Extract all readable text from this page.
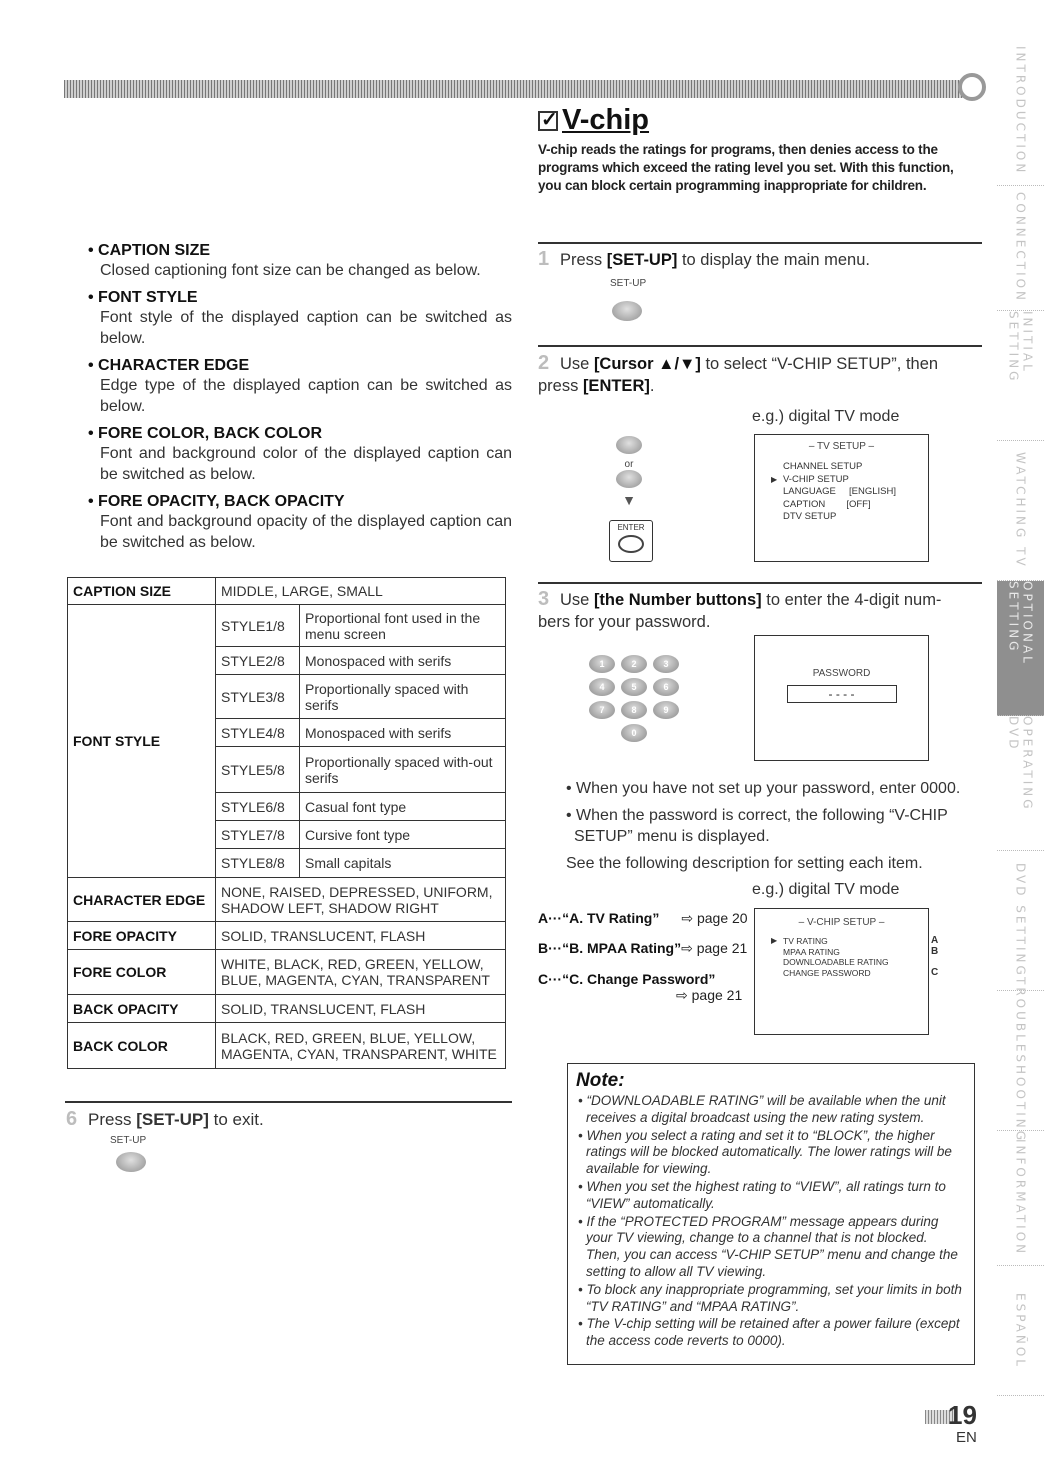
INTRODUCTION
CONNECTION
INITIAL SETTING
WATCHING TV
OPTIONAL SETTING
OPERATING DVD
DVD SETTING
TROUBLESHOOTING
INFORMATION
ESPAÑOL
• CAPTION SIZE
Closed captioning font size can be changed as below.
• FONT STYLE
Font style of the displayed caption can be switched as below.
• CHARACTER EDGE
Edge type of the displayed caption can be switched as below.
• FORE COLOR, BACK COLOR
Font and background color of the displayed caption can be switched as below.
• FORE OPACITY, BACK OPACITY
Font and background opacity of the displayed caption can be switched as below.
CAPTION SIZE	MIDDLE, LARGE, SMALL	
FONT STYLE	STYLE1/8	Proportional font used in the menu screen
	STYLE2/8	Monospaced with serifs
	STYLE3/8	Proportionally spaced with serifs
	STYLE4/8	Monospaced with serifs
	STYLE5/8	Proportionally spaced with-out serifs
	STYLE6/8	Casual font type
	STYLE7/8	Cursive font type
	STYLE8/8	Small capitals
CHARACTER EDGE	NONE, RAISED, DEPRESSED, UNIFORM, SHADOW LEFT, SHADOW RIGHT	
FORE OPACITY	SOLID, TRANSLUCENT, FLASH	
FORE COLOR	WHITE, BLACK, RED, GREEN, YELLOW, BLUE, MAGENTA, CYAN, TRANSPARENT	
BACK OPACITY	SOLID, TRANSLUCENT, FLASH	
BACK COLOR	BLACK, RED, GREEN, BLUE, YELLOW, MAGENTA, CYAN, TRANSPARENT, WHITE	
6 Press [SET-UP] to exit.
SET-UP
✓V-chip
V-chip reads the ratings for programs, then denies access to the programs which exceed the rating level you set. With this function, you can block certain programming inappropriate for children.
1 Press [SET-UP] to display the main menu.
SET-UP
2 Use [Cursor ▲/▼] to select “V-CHIP SETUP”, then press [ENTER].
e.g.) digital TV mode
or
▼
ENTER
– TV SETUP –
CHANNEL SETUP
▶ V-CHIP SETUP
LANGUAGE     [ENGLISH]
CAPTION        [OFF]
DTV SETUP
3 Use [the Number buttons] to enter the 4-digit num-bers for your password.
1	2	3
4	5	6
7	8	9
0
PASSWORD
- - - -
• When you have not set up your password, enter 0000.
• When the password is correct, the following “V-CHIP SETUP” menu is displayed.
See the following description for setting each item.
e.g.) digital TV mode
A···“A. TV Rating” ⇨ page 20
B···“B. MPAA Rating”⇨ page 21
C···“C. Change Password”
⇨ page 21
– V-CHIP SETUP –
▶ TV RATING	A
MPAA RATING	B
DOWNLOADABLE RATING
CHANGE PASSWORD	C
Note:
• “DOWNLOADABLE RATING” will be available when the unit receives a digital broadcast using the new rating system.
• When you select a rating and set it to “BLOCK”, the higher ratings will be blocked automatically. The lower ratings will be available for viewing.
• When you set the highest rating to “VIEW”, all ratings turn to “VIEW” automatically.
• If the “PROTECTED PROGRAM” message appears during your TV viewing, change to a channel that is not blocked. Then, you can access “V-CHIP SETUP” menu and change the setting to allow all TV viewing.
• To block any inappropriate programming, set your limits in both “TV RATING” and “MPAA RATING”.
• The V-chip setting will be retained after a power failure (except the access code reverts to 0000).
19
EN
